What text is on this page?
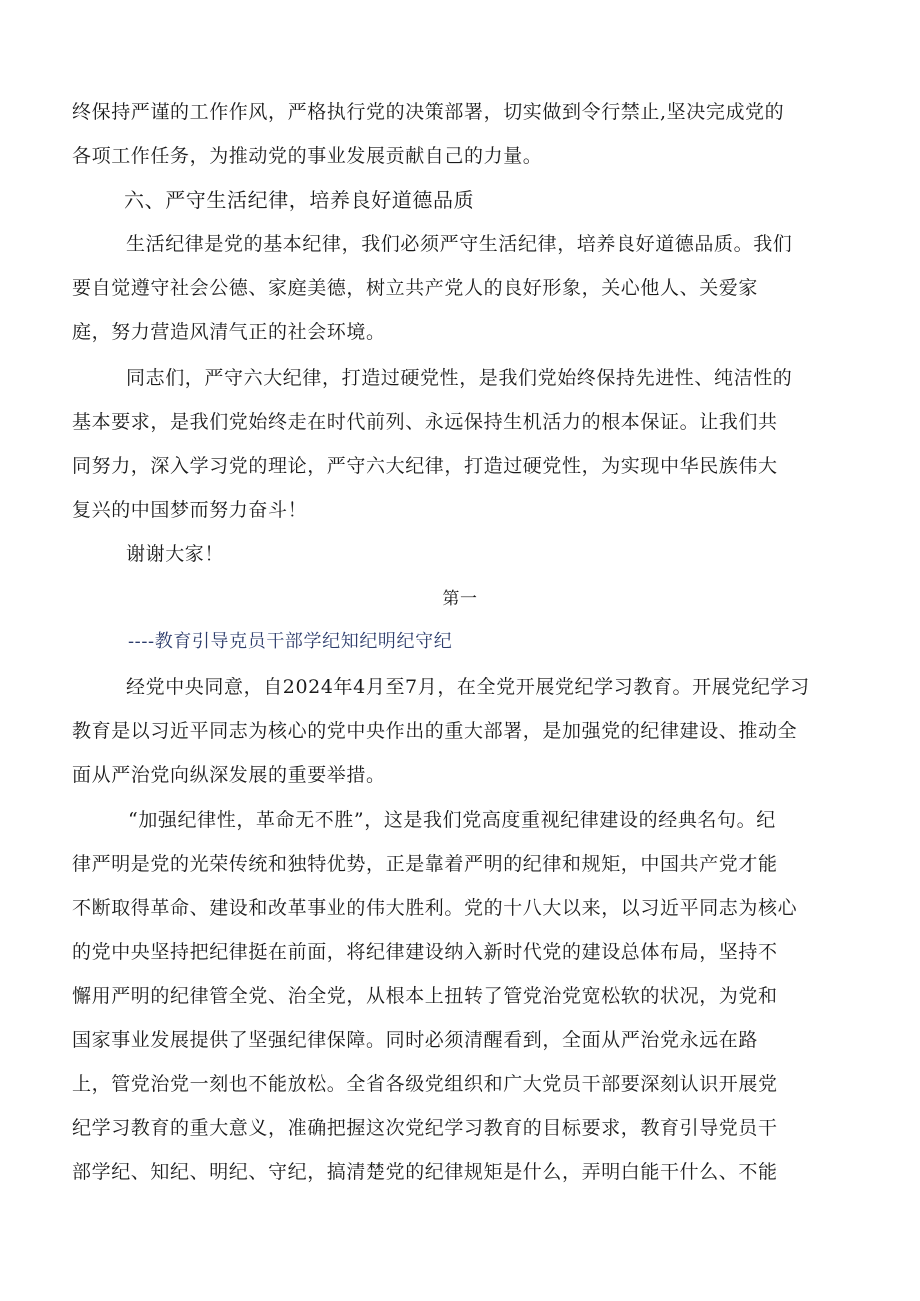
终保持严谨的工作作风，严格执行党的决策部署，切实做到令行禁止,坚决完成党的
各项工作任务，为推动党的事业发展贡献自己的力量。
六、严守生活纪律，培养良好道德品质
生活纪律是党的基本纪律，我们必须严守生活纪律，培养良好道德品质。我们
要自觉遵守社会公德、家庭美德，树立共产党人的良好形象，关心他人、关爱家
庭，努力营造风清气正的社会环境。
同志们，严守六大纪律，打造过硬党性，是我们党始终保持先进性、纯洁性的
基本要求，是我们党始终走在时代前列、永远保持生机活力的根本保证。让我们共
同努力，深入学习党的理论，严守六大纪律，打造过硬党性，为实现中华民族伟大
复兴的中国梦而努力奋斗！
谢谢大家！
第一
----教育引导克员干部学纪知纪明纪守纪
经党中央同意，自2024年4月至7月，在全党开展党纪学习教育。开展党纪学习
教育是以习近平同志为核心的党中央作出的重大部署，是加强党的纪律建设、推动全
面从严治党向纵深发展的重要举措。
“加强纪律性，革命无不胜”，这是我们党高度重视纪律建设的经典名句。纪
律严明是党的光荣传统和独特优势，正是靠着严明的纪律和规矩，中国共产党才能
不断取得革命、建设和改革事业的伟大胜利。党的十八大以来，以习近平同志为核心
的党中央坚持把纪律挺在前面，将纪律建设纳入新时代党的建设总体布局，坚持不
懈用严明的纪律管全党、治全党，从根本上扭转了管党治党宽松软的状况，为党和
国家事业发展提供了坚强纪律保障。同时必须清醒看到，全面从严治党永远在路
上，管党治党一刻也不能放松。全省各级党组织和广大党员干部要深刻认识开展党
纪学习教育的重大意义，准确把握这次党纪学习教育的目标要求，教育引导党员干
部学纪、知纪、明纪、守纪，搞清楚党的纪律规矩是什么，弄明白能干什么、不能
